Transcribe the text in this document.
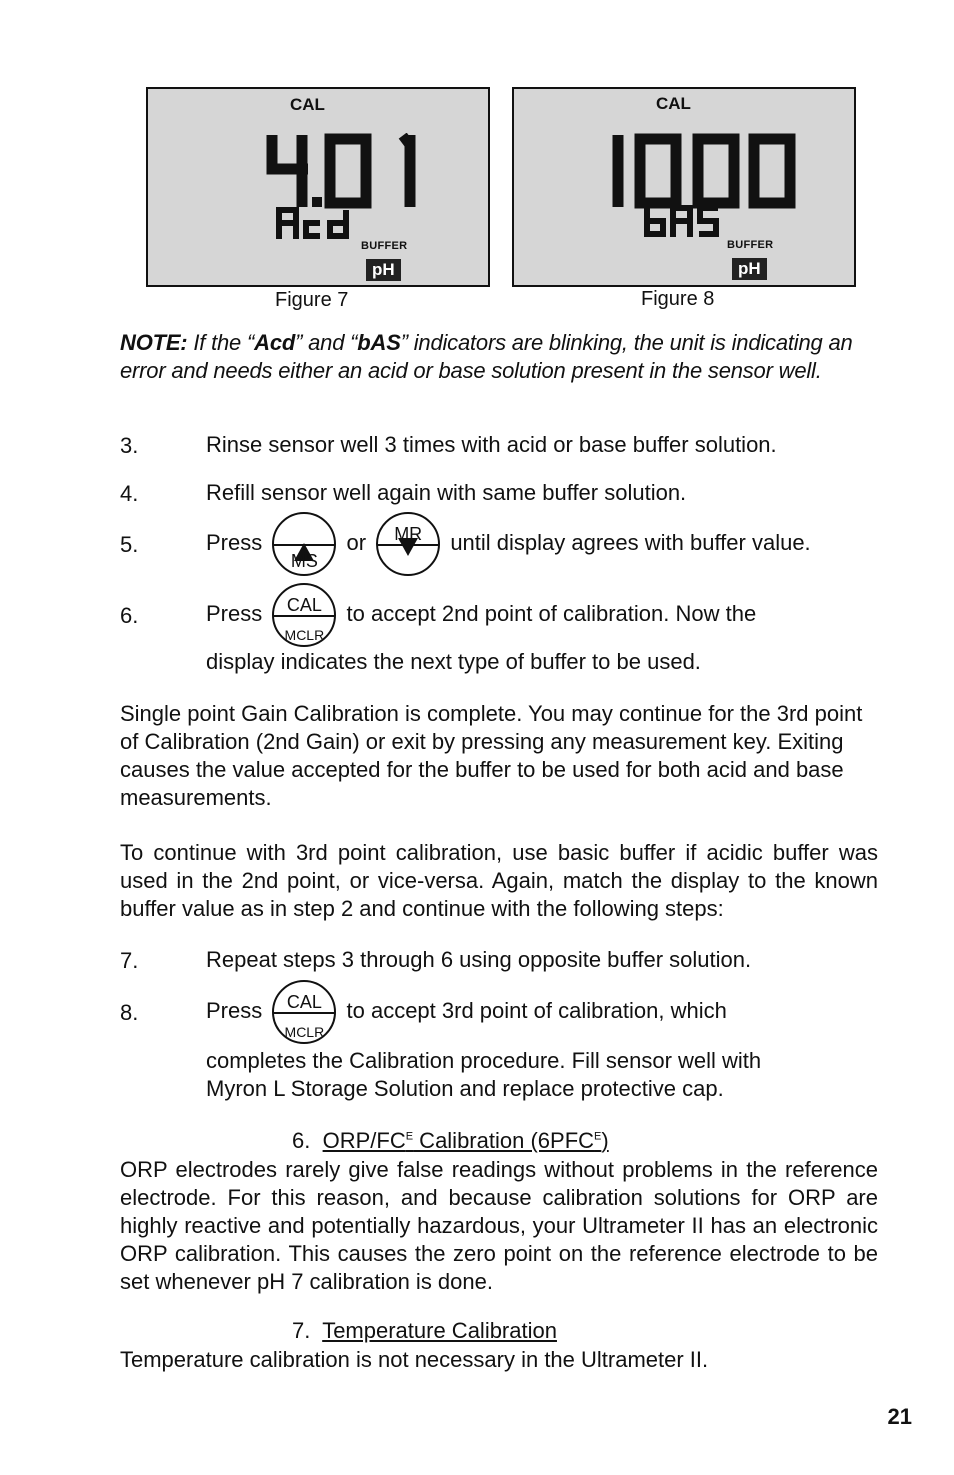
CAL
BUFFER
pH
Figure 7
CAL
BUFFER
pH
Figure 8
NOTE: If the “Acd” and “bAS” indicators are blinking, the unit is indicating an error and needs either an acid or base solution present in the sensor well.
3.	Rinse sensor well 3 times with acid or base buffer solution.
4.	Refill sensor well again with same buffer solution.
5.	Press
MS
or	MR	until display agrees with buffer value.
6.	Press	CAL
MCLR
to accept 2nd point of calibration. Now the
display indicates the next type of buffer to be used.
Single point Gain Calibration is complete. You may continue for the 3rd point of Calibration (2nd Gain) or exit by pressing any measurement key. Exiting causes the value accepted for the buffer to be used for both acid and base measurements.
To continue with 3rd point calibration, use basic buffer if acidic buffer was used in the 2nd point, or vice-versa. Again, match the display to the known buffer value as in step 2 and continue with the following steps:
7.	Repeat steps 3 through 6 using opposite buffer solution.
8.	Press	CAL
MCLR
to accept 3rd point of calibration, which
completes the Calibration procedure. Fill sensor well with
Myron L Storage Solution and replace protective cap.
6. ORP/$FC^E$ Calibration $(6PFC^E)$
ORP electrodes rarely give false readings without problems in the reference electrode. For this reason, and because calibration solutions for ORP are highly reactive and potentially hazardous, your Ultrameter II has an electronic ORP calibration. This causes the zero point on the reference electrode to be set whenever pH 7 calibration is done.
7. Temperature Calibration
Temperature calibration is not necessary in the Ultrameter II.
21
